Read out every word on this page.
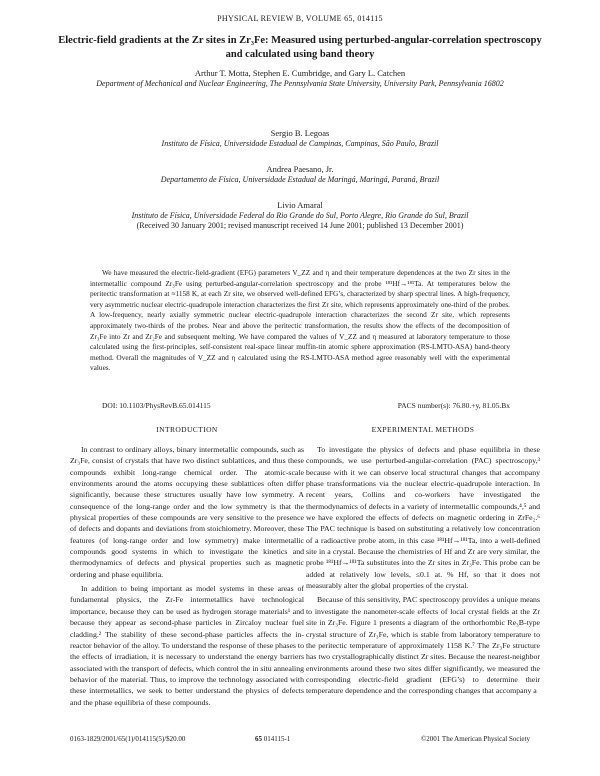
PHYSICAL REVIEW B, VOLUME 65, 014115
Electric-field gradients at the Zr sites in Zr₃Fe: Measured using perturbed-angular-correlation spectroscopy and calculated using band theory
Arthur T. Motta, Stephen E. Cumbridge, and Gary L. Catchen
Department of Mechanical and Nuclear Engineering, The Pennsylvania State University, University Park, Pennsylvania 16802
Sergio B. Legoas
Instituto de Física, Universidade Estadual de Campinas, Campinas, São Paulo, Brazil
Andrea Paesano, Jr.
Departamento de Física, Universidade Estadual de Maringá, Maringá, Paraná, Brazil
Livio Amaral
Instituto de Física, Universidade Federal do Rio Grande do Sul, Porto Alegre, Rio Grande do Sul, Brazil
(Received 30 January 2001; revised manuscript received 14 June 2001; published 13 December 2001)
We have measured the electric-field-gradient (EFG) parameters V_ZZ and η and their temperature dependences at the two Zr sites in the intermetallic compound Zr₃Fe using perturbed-angular-correlation spectroscopy and the probe ¹⁸¹Hf→¹⁸¹Ta. At temperatures below the peritectic transformation at ≈1158 K, at each Zr site, we observed well-defined EFG’s, characterized by sharp spectral lines. A high-frequency, very asymmetric nuclear electric-quadrupole interaction characterizes the first Zr site, which represents approximately one-third of the probes. A low-frequency, nearly axially symmetric nuclear electric-quadrupole interaction characterizes the second Zr site, which represents approximately two-thirds of the probes. Near and above the peritectic transformation, the results show the effects of the decomposition of Zr₃Fe into Zr and Zr₂Fe and subsequent melting. We have compared the values of V_ZZ and η measured at laboratory temperature to those calculated using the first-principles, self-consistent real-space linear muffin-tin atomic sphere approximation (RS-LMTO-ASA) band-theory method. Overall the magnitudes of V_ZZ and η calculated using the RS-LMTO-ASA method agree reasonably well with the experimental values.
DOI: 10.1103/PhysRevB.65.014115	PACS number(s): 76.80.+y, 81.05.Bx
INTRODUCTION

In contrast to ordinary alloys, binary intermetallic compounds, such as Zr₃Fe, consist of crystals that have two distinct sublattices, and thus these compounds exhibit long-range chemical order. The atomic-scale environments around the atoms occupying these sublattices often differ significantly, because these structures usually have low symmetry. A consequence of the long-range order and the low symmetry is that the physical properties of these compounds are very sensitive to the presence of defects and dopants and deviations from stoichiometry. Moreover, these features (of long-range order and low symmetry) make intermetallic compounds good systems in which to investigate the kinetics and thermodynamics of defects and physical properties such as magnetic ordering and phase equilibria.

In addition to being important as model systems in these areas of fundamental physics, the Zr-Fe intermetallics have technological importance, because they can be used as hydrogen storage materials¹ and because they appear as second-phase particles in Zircaloy nuclear fuel cladding.² The stability of these second-phase particles affects the in-reactor behavior of the alloy. To understand the response of these phases to the effects of irradiation, it is necessary to understand the energy barriers associated with the transport of defects, which control the in situ annealing behavior of the material. Thus, to improve the technology associated with these intermetallics, we seek to better understand the physics of defects and the phase equilibria of these compounds.

EXPERIMENTAL METHODS

To investigate the physics of defects and phase equilibria in these compounds, we use perturbed-angular-correlation (PAC) spectroscopy,³ because with it we can observe local structural changes that accompany phase transformations via the nuclear electric-quadrupole interaction. In recent years, Collins and co-workers have investigated the thermodynamics of defects in a variety of intermetallic compounds,⁴,⁵ and we have explored the effects of defects on magnetic ordering in ZrFe₂.⁶ The PAC technique is based on substituting a relatively low concentration of a radioactive probe atom, in this case ¹⁸¹Hf→¹⁸¹Ta, into a well-defined site in a crystal. Because the chemistries of Hf and Zr are very similar, the probe ¹⁸¹Hf→¹⁸¹Ta substitutes into the Zr sites in Zr₃Fe. This probe can be added at relatively low levels, ≤0.1 at. % Hf, so that it does not measurably alter the global properties of the crystal.

Because of this sensitivity, PAC spectroscopy provides a unique means to investigate the nanometer-scale effects of local crystal fields at the Zr site in Zr₃Fe. Figure 1 presents a diagram of the orthorhombic Re₃B-type crystal structure of Zr₃Fe, which is stable from laboratory temperature to the peritectic temperature of approximately 1158 K.⁷ The Zr₃Fe structure has two crystallographically distinct Zr sites. Because the nearest-neighbor environments around these two sites differ significantly, we measured the corresponding electric-field gradient (EFG’s) to determine their temperature dependence and the corresponding changes that accompany a

0163-1829/2001/65(1)/014115(5)/$20.00	65 014115-1	©2001 The American Physical Society
